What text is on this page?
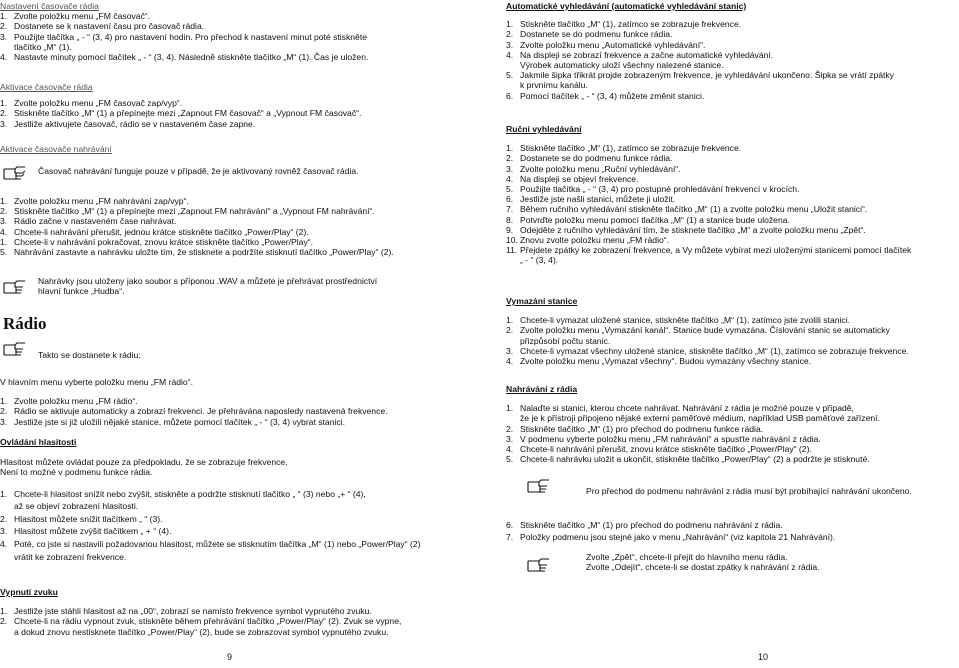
Nastavení časovače rádia
1. Zvolte položku menu „FM časovač“.
2. Dostanete se k nastavení času pro časovač rádia.
3. Použijte tlačítka „ - “ (3, 4) pro nastavení hodin. Pro přechod k nastavení minut poté stiskněte
tlačítko „M“ (1).
4. Nastavte minuty pomocí tlačítek „ - “ (3, 4). Následně stiskněte tlačítko „M“ (1). Čas je uložen.
Aktivace časovače rádia
1. Zvolte položku menu „FM časovač zap/vyp“.
2. Stiskněte tlačítko „M“ (1) a přepínejte mezi „Zapnout FM časovač“ a „Vypnout FM časovač“.
3. Jestliže aktivujete časovač, rádio se v nastaveném čase zapne.
Aktivace časovače nahrávání
Časovač nahrávání funguje pouze v případě, že je aktivovaný rovněž časovač rádia.
1. Zvolte položku menu „FM nahrávání zap/vyp“.
2. Stiskněte tlačítko „M“ (1) a přepínejte mezi „Zapnout FM nahrávání“ a „Vypnout FM nahrávání“.
3. Rádio začne v nastaveném čase nahrávat.
4. Chcete-li nahrávání přerušit, jednou krátce stiskněte tlačítko „Power/Play“ (2).
1. Chcete-li v nahrávání pokračovat, znovu krátce stiskněte tlačítko „Power/Play“.
5. Nahrávání zastavte a nahrávku uložte tím, že stisknete a podržíte stisknutí tlačítko „Power/Play“ (2).
Nahrávky jsou uloženy jako soubor s příponou .WAV a můžete je přehrávat prostřednictví
hlavní funkce „Hudba“.
Rádio
Takto se dostanete k rádiu:
V hlavním menu vyberte položku menu „FM rádio“.
1. Zvolte položku menu „FM rádio“.
2. Rádio se aktivuje automaticky a zobrazí frekvenci. Je přehrávána naposledy nastavená frekvence.
3. Jestliže jste si již uložili nějaké stanice, můžete pomocí tlačítek „ - “ (3, 4) vybrat stanici.
Ovládání hlasitosti
Hlasitost můžete ovládat pouze za předpokladu, že se zobrazuje frekvence.
Není to možné v podmenu funkce rádia.
1. Chcete-li hlasitost snížit nebo zvýšit, stiskněte a podržte stisknutí tlačítko „ “ (3) nebo „+ “ (4),
až se objeví zobrazení hlasitosti.
2. Hlasitost můžete snížit tlačítkem „ “ (3).
3. Hlasitost můžete zvýšit tlačítkem „ + “ (4).
4. Poté, co jste si nastavili požadovanou hlasitost, můžete se stisknutím tlačítka „M“ (1) nebo „Power/Play“ (2)
vrátit ke zobrazení frekvence.
Vypnutí zvuku
1. Jestliže jste stáhli hlasitost až na „00“, zobrazí se namísto frekvence symbol vypnutého zvuku.
2. Chcete-li na rádiu vypnout zvuk, stiskněte během přehrávání tlačítko „Power/Play“ (2). Zvuk se vypne,
a dokud znovu nestisknete tlačítko „Power/Play“ (2), bude se zobrazovat symbol vypnutého zvuku.
9
Automatické vyhledávání (automatické vyhledávání stanic)
1. Stiskněte tlačítko „M“ (1), zatímco se zobrazuje frekvence.
2. Dostanete se do podmenu funkce rádia.
3. Zvolte položku menu „Automatické vyhledávání“.
4. Na displeji se zobrazí frekvence a začne automatické vyhledávání.
Výrobek automaticky uloží všechny nalezené stanice.
5. Jakmile šipka třikrát projde zobrazeným frekvence, je vyhledávání ukončeno. Šipka se vrátí zpátky
k prvnímu kanálu.
6. Pomocí tlačítek „ - “ (3, 4) můžete změnit stanici.
Ruční vyhledávání
1. Stiskněte tlačítko „M“ (1), zatímco se zobrazuje frekvence.
2. Dostanete se do podmenu funkce rádia.
3. Zvolte položku menu „Ruční vyhledávání“.
4. Na displeji se objeví frekvence.
5. Použijte tlačítka „ - “ (3, 4) pro postupné prohledávání frekvencí v krocích.
6. Jestliže jste našli stanici, můžete ji uložit.
7. Během ručního vyhledávání stiskněte tlačítko „M“ (1) a zvolte položku menu „Uložit stanici“.
8. Potvrďte položku menu pomocí tlačítka „M“ (1) a stanice bude uložena.
9. Odejděte z ručního vyhledávání tím, že stisknete tlačítko „M“ a zvolte položku menu „Zpět“.
10. Znovu zvolte položku menu „FM rádio“.
11. Přejdete zpátky ke zobrazení frekvence, a Vy můžete vybírat mezi uloženými stanicemi pomocí tlačítek
„ - “ (3, 4).
Vymazání stanice
1. Chcete-li vymazat uložené stanice, stiskněte tlačítko „M“ (1), zatímco jste zvolili stanici.
2. Zvolte položku menu „Vymazání kanál“. Stanice bude vymazána. Číslování stanic se automaticky
přizpůsobí počtu stanic.
3. Chcete-li vymazat všechny uložené stanice, stiskněte tlačítko „M“ (1), zatímco se zobrazuje frekvence.
4. Zvolte položku menu „Vymazat všechny“. Budou vymazány všechny stanice.
Nahrávání z rádia
1. Nalaďte si stanici, kterou chcete nahrávat. Nahrávání z rádia je možné pouze v případě,
že je k přístroji připojeno nějaké externí paměťové médium, například USB paměťové zařízení.
2. Stiskněte tlačítko „M“ (1) pro přechod do podmenu funkce rádia.
3. V podmenu vyberte položku menu „FM nahrávání“ a spusťte nahrávání z rádia.
4. Chcete-li nahrávání přerušit, znovu krátce stiskněte tlačítko „Power/Play“ (2).
5. Chcete-li nahrávku uložit a ukončit, stiskněte tlačítko „Power/Play“ (2) a podržte je stisknuté.
Pro přechod do podmenu nahrávání z rádia musí být probíhající nahrávání ukončeno.
6. Stiskněte tlačítko „M“ (1) pro přechod do podmenu nahrávání z rádia.
7. Položky podmenu jsou stejné jako v menu „Nahrávání“ (viz kapitola 21 Nahrávání).
Zvolte „Zpět“, chcete-li přejít do hlavního menu rádia.
Zvolte „Odejít“, chcete-li se dostat zpátky k nahrávání z rádia.
10
